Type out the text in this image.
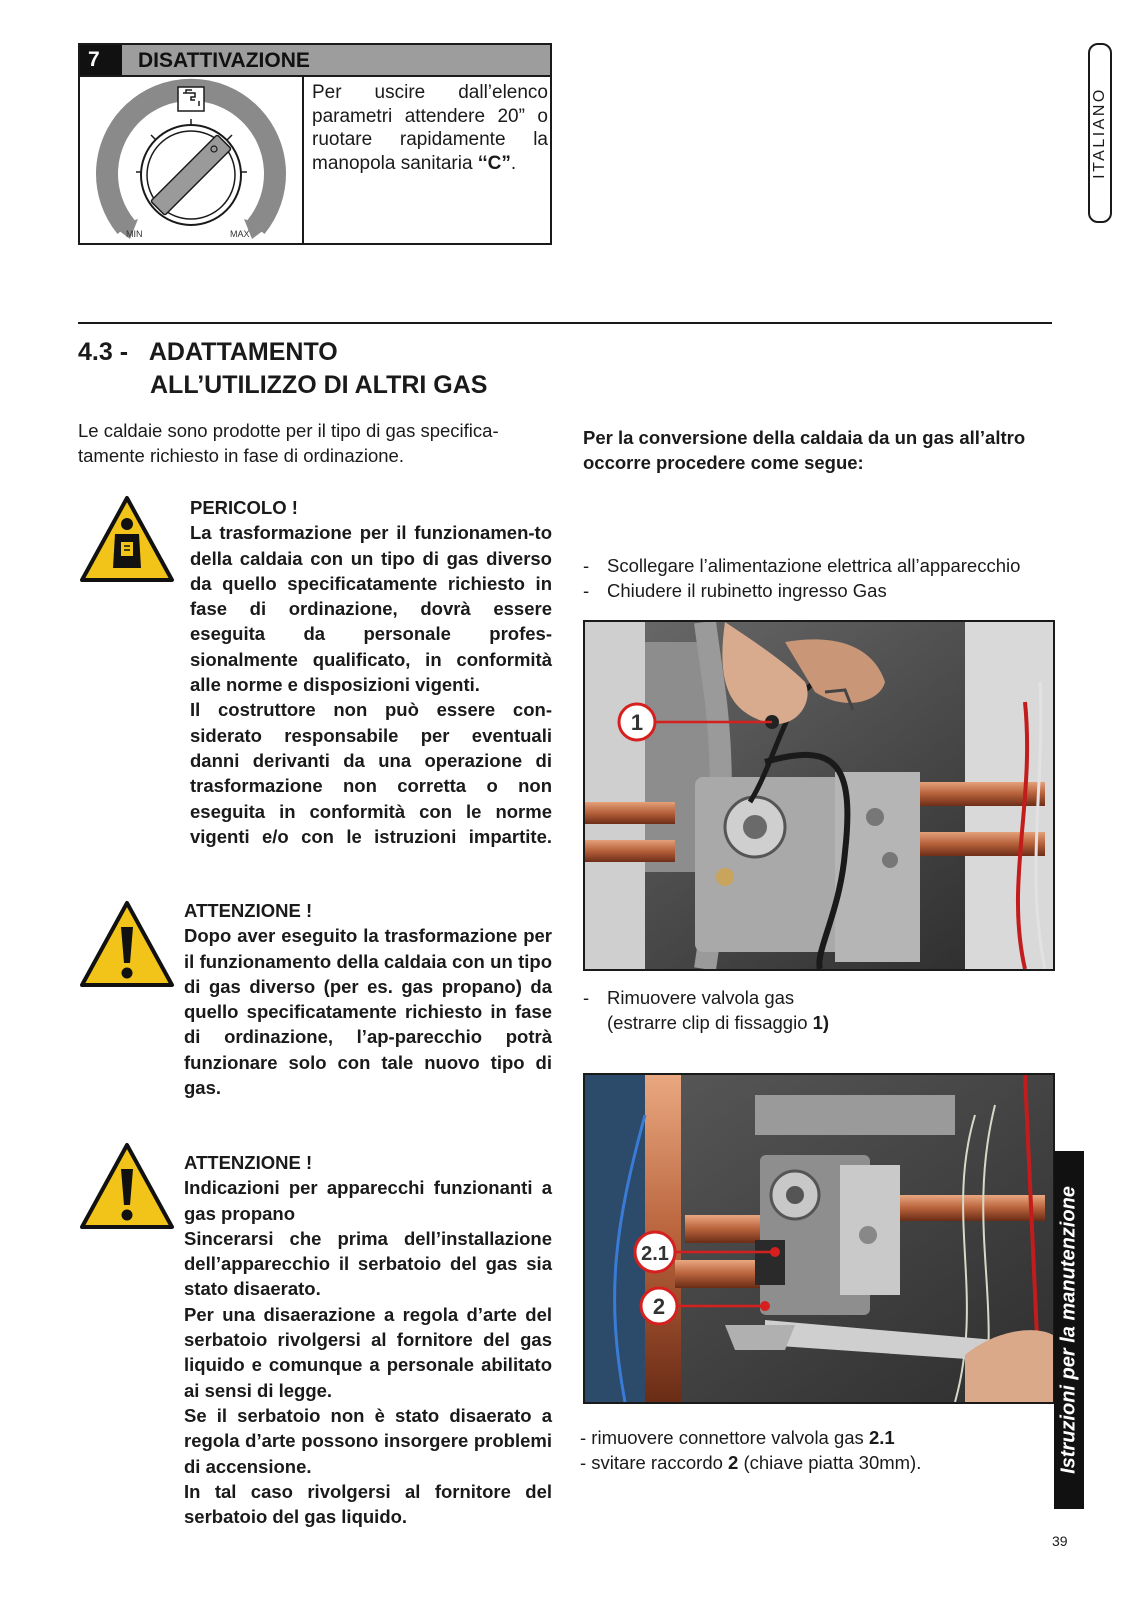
7	DISATTIVAZIONE
MIN	MAX
Per uscire dall’elenco parametri attendere 20” o ruotare rapidamente la manopola sanitaria ‘‘C”.	ITALIANO
4.3 - ADATTAMENTO
ALL’UTILIZZO DI ALTRI GAS
Le caldaie sono prodotte per il tipo di gas specifica-
tamente richiesto in fase di ordinazione.
Per la conversione della caldaia da un gas all’altro
occorre procedere come segue:

PERICOLO !

La trasformazione per il funzionamen-to della caldaia con un tipo di gas diverso da quello specificatamente richiesto in fase di ordinazione, dovrà essere eseguita da personale profes-sionalmente qualificato, in conformità alle norme e disposizioni vigenti.

Il costruttore non può essere con-siderato responsabile per eventuali danni derivanti da una operazione di trasformazione non corretta o non eseguita in conformità con le norme vigenti e/o con le istruzioni impartite.

ATTENZIONE !

Dopo aver eseguito la trasformazione per il funzionamento della caldaia con un tipo di gas diverso (per es. gas propano) da quello specificatamente richiesto in fase di ordinazione, l’ap-parecchio potrà funzionare solo con tale nuovo tipo di gas.

ATTENZIONE !

Indicazioni per apparecchi funzionanti a gas propano

Sincerarsi che prima dell’installazione dell’apparecchio il serbatoio del gas sia stato disaerato.

Per una disaerazione a regola d’arte del serbatoio rivolgersi al fornitore del gas liquido e comunque a personale abilitato ai sensi di legge.

Se il serbatoio non è stato disaerato a regola d’arte possono insorgere problemi di accensione.

In tal caso rivolgersi al fornitore del serbatoio del gas liquido.

- Scollegare l’alimentazione elettrica all’apparecchio
- Chiudere il rubinetto ingresso Gas
1
- Rimuovere valvola gas
(estrarre clip di fissaggio 1)
2.1
2
- rimuovere connettore valvola gas 2.1
- svitare raccordo 2 (chiave piatta 30mm).	Istruzioni per la manutenzione
39
